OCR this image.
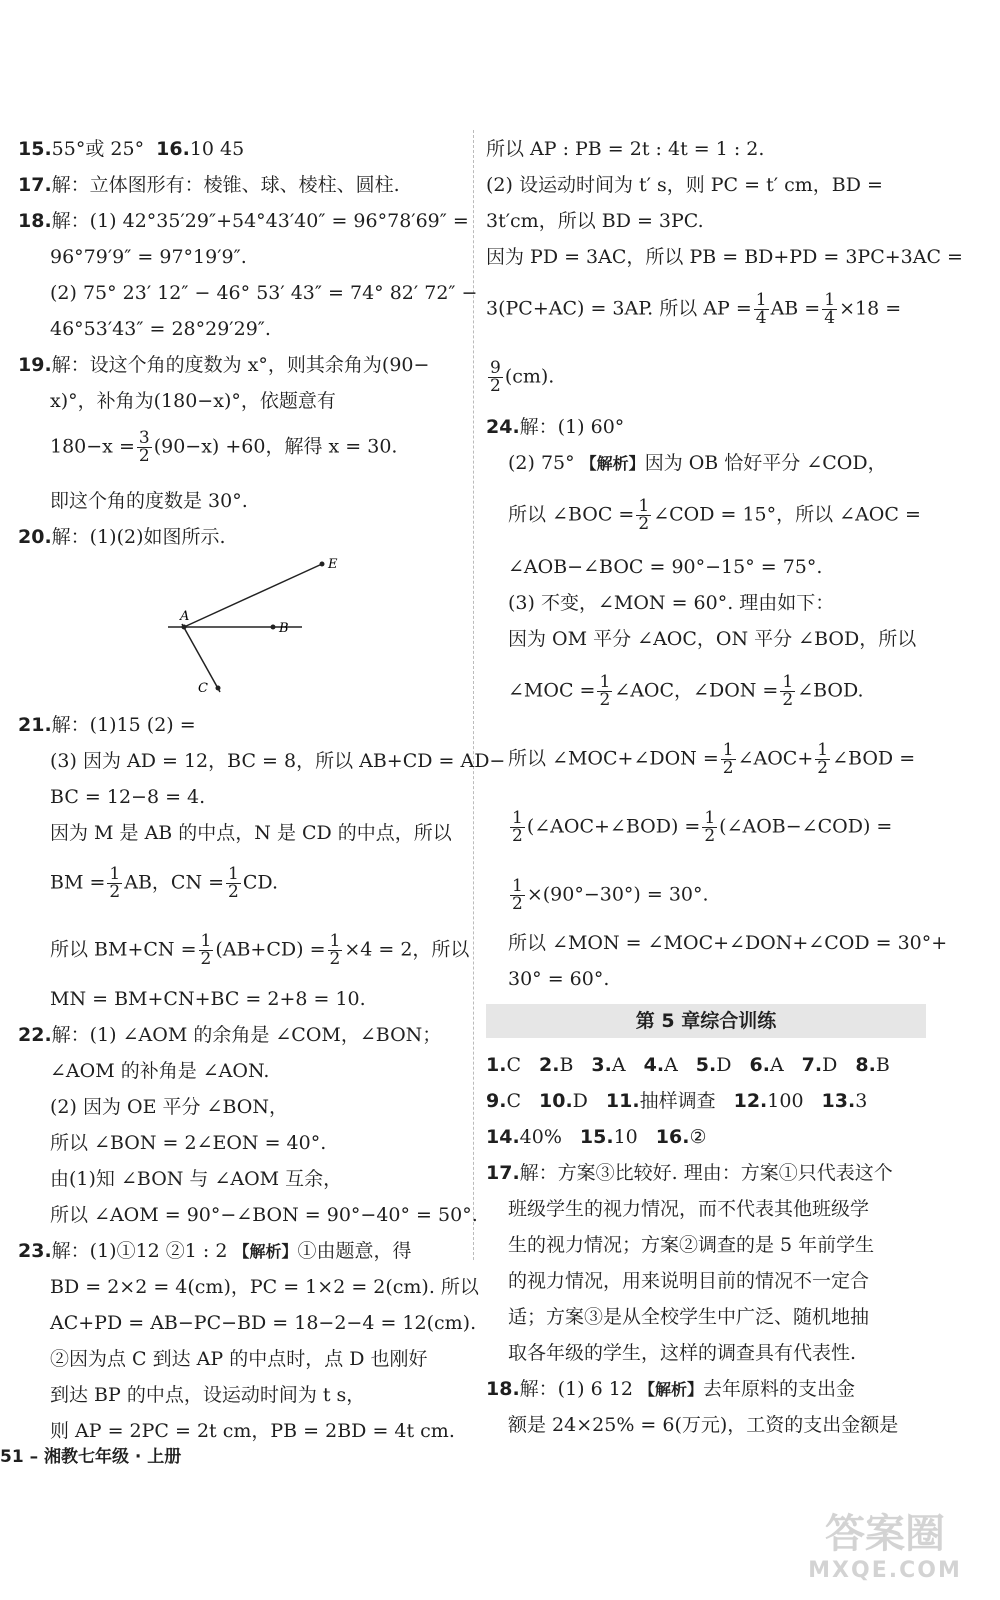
15.55°或 25° 16.10 45
17.解：立体图形有：棱锥、球、棱柱、圆柱.
18.解：(1) 42°35′29″+54°43′40″ = 96°78′69″ =
96°79′9″ = 97°19′9″.
(2) 75° 23′ 12″ − 46° 53′ 43″ = 74° 82′ 72″ −
46°53′43″ = 28°29′29″.
19.解：设这个角的度数为 x°，则其余角为(90−
x)°，补角为(180−x)°，依题意有
$180-x = \frac{3}{2} (90-x) +60$，解得 x = 30.
即这个角的度数是 30°.
20.解：(1)(2)如图所示.
A
B
E
C
21.解：(1)15 (2) =
(3) 因为 AD = 12，BC = 8，所以 AB+CD = AD−
BC = 12−8 = 4.
因为 M 是 AB 的中点，N 是 CD 的中点，所以
BM = $\frac{1}{2}$ AB，CN = $\frac{1}{2}$ CD.
所以 $BM+CN = \frac{1}{2} (AB+CD) = \frac{1}{2} \times 4 = 2$，所以
MN = BM+CN+BC = 2+8 = 10.
22.解：(1) ∠AOM 的余角是 ∠COM，∠BON；
∠AOM 的补角是 ∠AON.
(2) 因为 OE 平分 ∠BON，
所以 ∠BON = 2∠EON = 40°.
由(1)知 ∠BON 与 ∠AOM 互余，
所以 ∠AOM = 90°−∠BON = 90°−40° = 50°.
23.解：(1)①12 ②1 : 2 【解析】①由题意，得
BD = 2×2 = 4(cm)，PC = 1×2 = 2(cm). 所以
AC+PD = AB−PC−BD = 18−2−4 = 12(cm).
②因为点 C 到达 AP 的中点时，点 D 也刚好
到达 BP 的中点，设运动时间为 t s，
则 AP = 2PC = 2t cm，PB = 2BD = 4t cm.
51 – 湘教七年级 · 上册
所以 AP : PB = 2t : 4t = 1 : 2.
(2) 设运动时间为 t′ s，则 PC = t′ cm，BD =
3t′cm，所以 BD = 3PC.
因为 PD = 3AC，所以 PB = BD+PD = 3PC+3AC =
3(PC+AC) = 3AP. 所以 AP = $\frac{1}{4}$ AB = $\frac{1}{4} \times 18$ =
$\frac{9}{2} (cm)$.
24.解：(1) 60°
(2) 75° 【解析】因为 OB 恰好平分 ∠COD，
所以 ∠BOC = $\frac{1}{2}$ ∠COD = 15°，所以 ∠AOC =
∠AOB−∠BOC = 90°−15° = 75°.
(3) 不变，∠MON = 60°. 理由如下：
因为 OM 平分 ∠AOC，ON 平分 ∠BOD，所以
∠MOC = $\frac{1}{2}$ ∠AOC，∠DON = $\frac{1}{2}$ ∠BOD.
所以 ∠MOC+∠DON = $\frac{1}{2}$ ∠AOC+ $\frac{1}{2}$ ∠BOD =
$\frac{1}{2}$ (∠AOC+∠BOD) = $\frac{1}{2}$ (∠AOB−∠COD) =
$\frac{1}{2} \times(90^\circ-30^\circ) = 30^\circ$.
所以 ∠MON = ∠MOC+∠DON+∠COD = 30°+
30° = 60°.
第 5 章综合训练
1.C 2.B 3.A 4.A 5.D 6.A 7.D 8.B
9.C 10.D 11.抽样调查 12.100 13.3
14.40% 15.10 16.②
17.解：方案③比较好. 理由：方案①只代表这个
班级学生的视力情况，而不代表其他班级学
生的视力情况；方案②调查的是 5 年前学生
的视力情况，用来说明目前的情况不一定合
适；方案③是从全校学生中广泛、随机地抽
取各年级的学生，这样的调查具有代表性.
18.解：(1) 6 12 【解析】去年原料的支出金
额是 24×25% = 6(万元)，工资的支出金额是
答案圈
MXQE.COM
